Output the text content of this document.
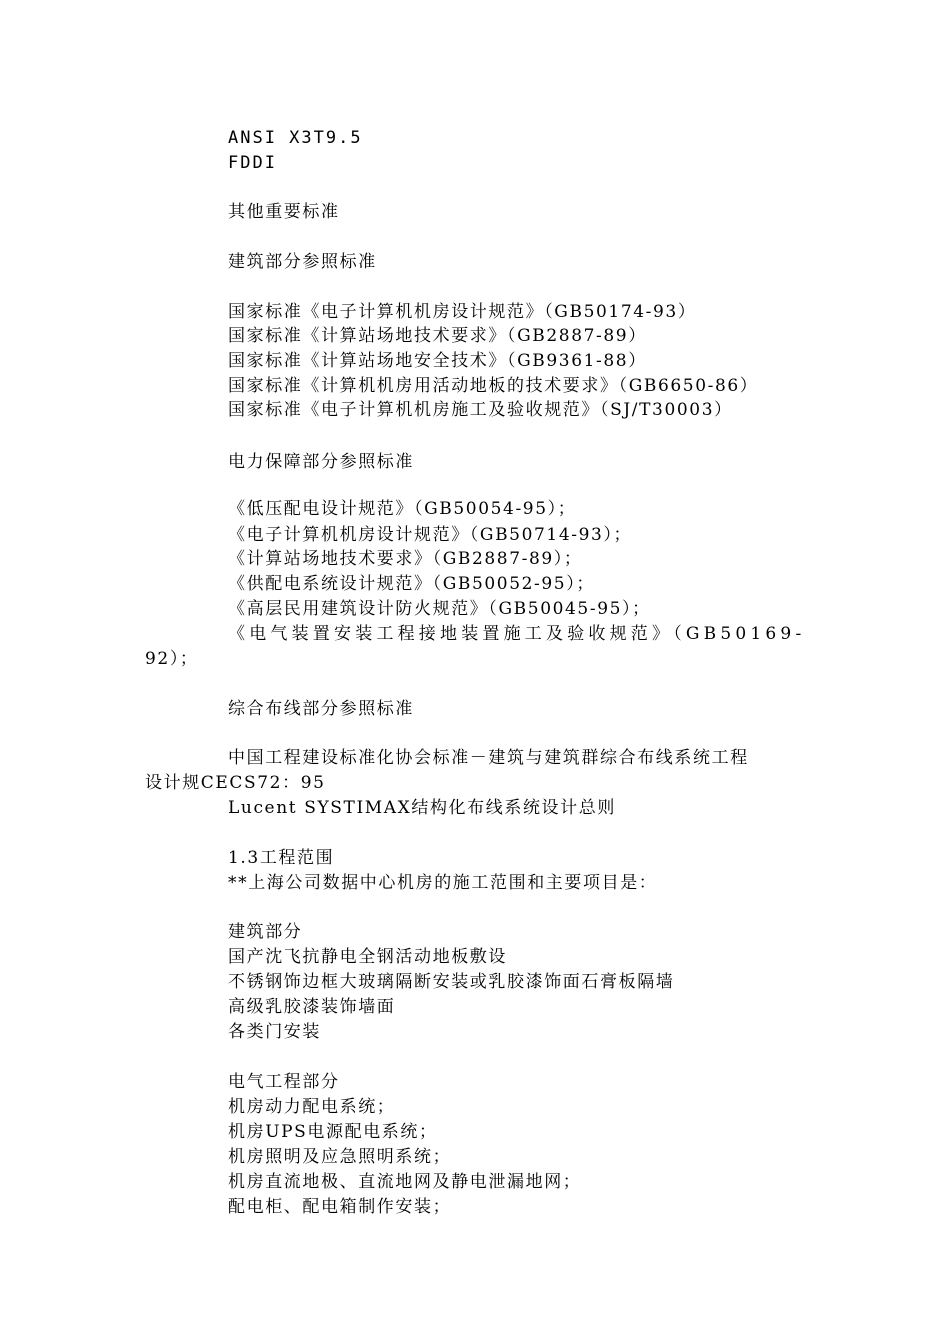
ANSI X3T9.5
FDDI
其他重要标准
建筑部分参照标准
国家标准《电子计算机机房设计规范》（GB50174-93）
国家标准《计算站场地技术要求》（GB2887-89）
国家标准《计算站场地安全技术》（GB9361-88）
国家标准《计算机机房用活动地板的技术要求》（GB6650-86）
国家标准《电子计算机机房施工及验收规范》（SJ/T30003）
电力保障部分参照标准
《低压配电设计规范》（GB50054-95）；
《电子计算机机房设计规范》（GB50714-93）；
《计算站场地技术要求》（GB2887-89）；
《供配电系统设计规范》（GB50052-95）；
《高层民用建筑设计防火规范》（GB50045-95）；
《电气装置安装工程接地装置施工及验收规范》（GB50169-
92）；
综合布线部分参照标准
中国工程建设标准化协会标准－建筑与建筑群综合布线系统工程
设计规CECS72：95
Lucent SYSTIMAX结构化布线系统设计总则
1.3工程范围
**上海公司数据中心机房的施工范围和主要项目是：
建筑部分
国产沈飞抗静电全钢活动地板敷设
不锈钢饰边框大玻璃隔断安装或乳胶漆饰面石膏板隔墙
高级乳胶漆装饰墙面
各类门安装
电气工程部分
机房动力配电系统；
机房UPS电源配电系统；
机房照明及应急照明系统；
机房直流地极、直流地网及静电泄漏地网；
配电柜、配电箱制作安装；
